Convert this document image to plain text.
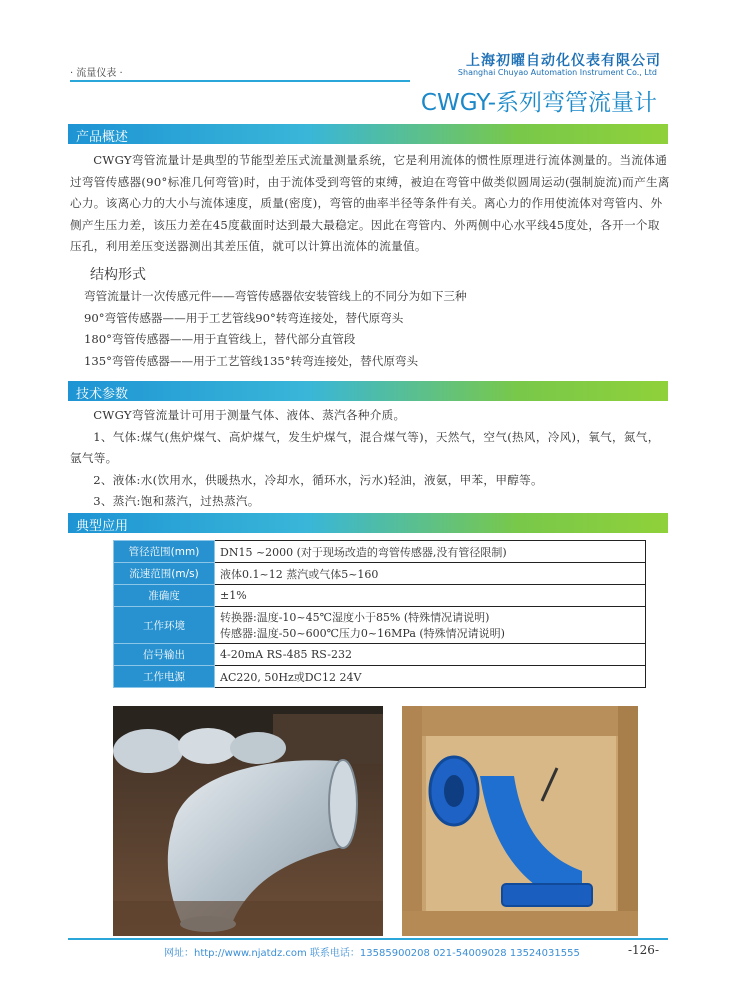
· 流量仪表 ·
上海初曜自动化仪表有限公司
Shanghai Chuyao Automation Instrument Co., Ltd
CWGY-系列弯管流量计
产品概述

CWGY弯管流量计是典型的节能型差压式流量测量系统，它是利用流体的惯性原理进行流体测量的。当流体通过弯管传感器(90°标准几何弯管)时，由于流体受到弯管的束缚，被迫在弯管中做类似圆周运动(强制旋流)而产生离心力。该离心力的大小与流体速度，质量(密度)，弯管的曲率半径等条件有关。离心力的作用使流体对弯管内、外侧产生压力差，该压力差在45度截面时达到最大最稳定。因此在弯管内、外两侧中心水平线45度处，各开一个取压孔，利用差压变送器测出其差压值，就可以计算出流体的流量值。

结构形式
弯管流量计一次传感元件——弯管传感器依安装管线上的不同分为如下三种
90°弯管传感器——用于工艺管线90°转弯连接处，替代原弯头
180°弯管传感器——用于直管线上，替代部分直管段
135°弯管传感器——用于工艺管线135°转弯连接处，替代原弯头
技术参数

CWGY弯管流量计可用于测量气体、液体、蒸汽各种介质。

1、气体:煤气(焦炉煤气、高炉煤气，发生炉煤气，混合煤气等)，天然气，空气(热风，冷风)，氧气，氮气，氩气等。

2、液体:水(饮用水，供暖热水，冷却水，循环水，污水)轻油，液氨，甲苯，甲醇等。

3、蒸汽:饱和蒸汽，过热蒸汽。

典型应用
管径范围(mm)	DN15 ~2000 (对于现场改造的弯管传感器,没有管径限制)
流速范围(m/s)	液体0.1~12 蒸汽或气体5~160
准确度	±1%
工作环境	转换器:温度-10~45℃湿度小于85% (特殊情况请说明)
传感器:温度-50~600℃压力0~16MPa (特殊情况请说明)

信号输出	4-20mA RS-485 RS-232
工作电源	AC220, 50Hz或DC12 24V
网址：http://www.njatdz.com 联系电话：13585900208 021-54009028 13524031555	-126-
